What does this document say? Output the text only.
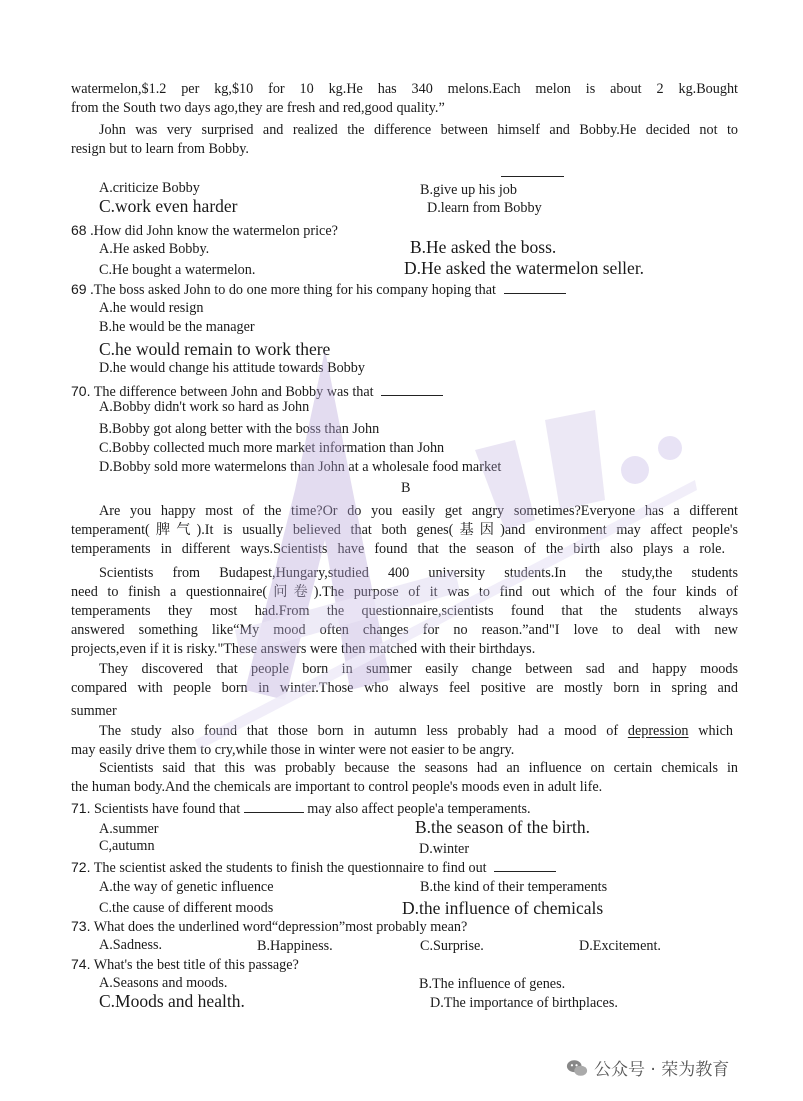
watermelon,$1.2 per kg,$10 for 10 kg.He has 340 melons.Each melon is about 2 kg.Bought
from the South two days ago,they are fresh and red,good quality.”
John was very surprised and realized the difference between himself and Bobby.He decided not to
resign but to learn from Bobby.
A.criticize Bobby	B.give up his job
C.work even harder	D.learn from Bobby
68 .How did John know the watermelon price?
A.He asked Bobby.	B.He asked the boss.
C.He bought a watermelon.	D.He asked the watermelon seller.
69 .The boss asked John to do one more thing for his company hoping that
A.he would resign
B.he would be the manager
C.he would remain to work there
D.he would change his attitude towards Bobby
70. The difference between John and Bobby was that
A.Bobby didn't work so hard as John
B.Bobby got along better with the boss than John
C.Bobby collected much more market information than John
D.Bobby sold more watermelons than John at a wholesale food market
B
Are you happy most of the time?Or do you easily get angry sometimes?Everyone has a different
temperament(脾气).It is usually believed that both genes(基因)and environment may affect people's
temperaments in different ways.Scientists have found that the season of the birth also plays a role.
Scientists from Budapest,Hungary,studied 400 university students.In the study,the students
need to finish a questionnaire(问卷).The purpose of it was to find out which of the four kinds of
temperaments they most had.From the questionnaire,scientists found that the students always
answered something like“My mood often changes for no reason.”and"I love to deal with new
projects,even if it is risky."These answers were then matched with their birthdays.
They discovered that people born in summer easily change between sad and happy moods
compared with people born in winter.Those who always feel positive are mostly born in spring and
summer
The study also found that those born in autumn less probably had a mood of depression which
may easily drive them to cry,while those in winter were not easier to be angry.
Scientists said that this was probably because the seasons had an influence on certain chemicals in
the human body.And the chemicals are important to control people's moods even in adult life.
71. Scientists have found that	may also affect people'a temperaments.
A.summer	B.the season of the birth.
C,autumn	D.winter
72. The scientist asked the students to finish the questionnaire to find out
A.the way of genetic influence	B.the kind of their temperaments
C.the cause of different moods	D.the influence of chemicals
73. What does the underlined word“depression”most probably mean?
A.Sadness.	B.Happiness.	C.Surprise.	D.Excitement.
74. What's the best title of this passage?
A.Seasons and moods.	B.The influence of genes.
C.Moods and health.	D.The importance of birthplaces.
公众号 · 荣为教育
